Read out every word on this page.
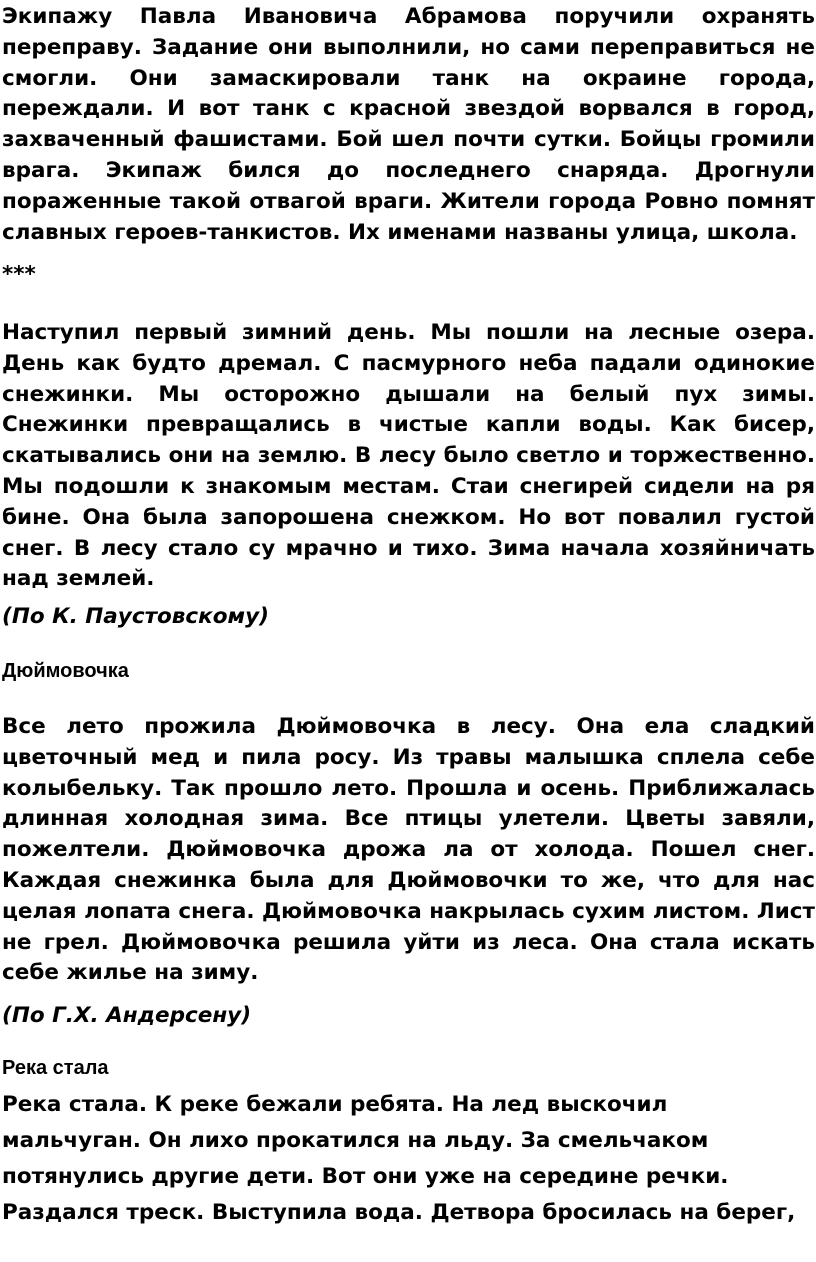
Экипажу Павла Ивановича Абрамова поручили охранять переправу. Задание они выполнили, но сами переправиться не смогли. Они замаскировали танк на окраине города, переждали. И вот танк с красной звездой ворвался в город, захваченный фашистами. Бой шел почти сутки. Бойцы громили врага. Экипаж бился до последнего снаряда. Дрогнули пораженные такой отвагой враги. Жители города Ровно помнят славных героев-танкистов. Их именами названы улица, школа.

***

Наступил первый зимний день. Мы пошли на лесные озера. День как будто дремал. С пасмурного неба падали одинокие снежинки. Мы осторожно дышали на белый пух зимы. Снежинки превращались в чистые капли воды. Как бисер, скатывались они на землю. В лесу было светло и торжественно. Мы подошли к знакомым местам. Стаи снегирей сидели на ря бине. Она была запорошена снежком. Но вот повалил густой снег. В лесу стало су мрачно и тихо. Зима начала хозяйничать над землей.

(По К. Паустовскому)

Дюймовочка

Все лето прожила Дюймовочка в лесу. Она ела сладкий цветочный мед и пила росу. Из травы малышка сплела себе колыбельку. Так прошло лето. Прошла и осень. Приближалась длинная холодная зима. Все птицы улетели. Цветы завяли, пожелтели. Дюймовочка дрожа ла от холода. Пошел снег. Каждая снежинка была для Дюймовочки то же, что для нас целая лопата снега. Дюймовочка накрылась сухим листом. Лист не грел. Дюймовочка решила уйти из леса. Она стала искать себе жилье на зиму.

(По Г.Х. Андерсену)

Река стала

Река стала. К реке бежали ребята. На лед выскочил
мальчуган. Он лихо прокатился на льду. За смельчаком
потянулись другие дети. Вот они уже на середине речки.
Раздался треск. Выступила вода. Детвора бросилась на берег,
